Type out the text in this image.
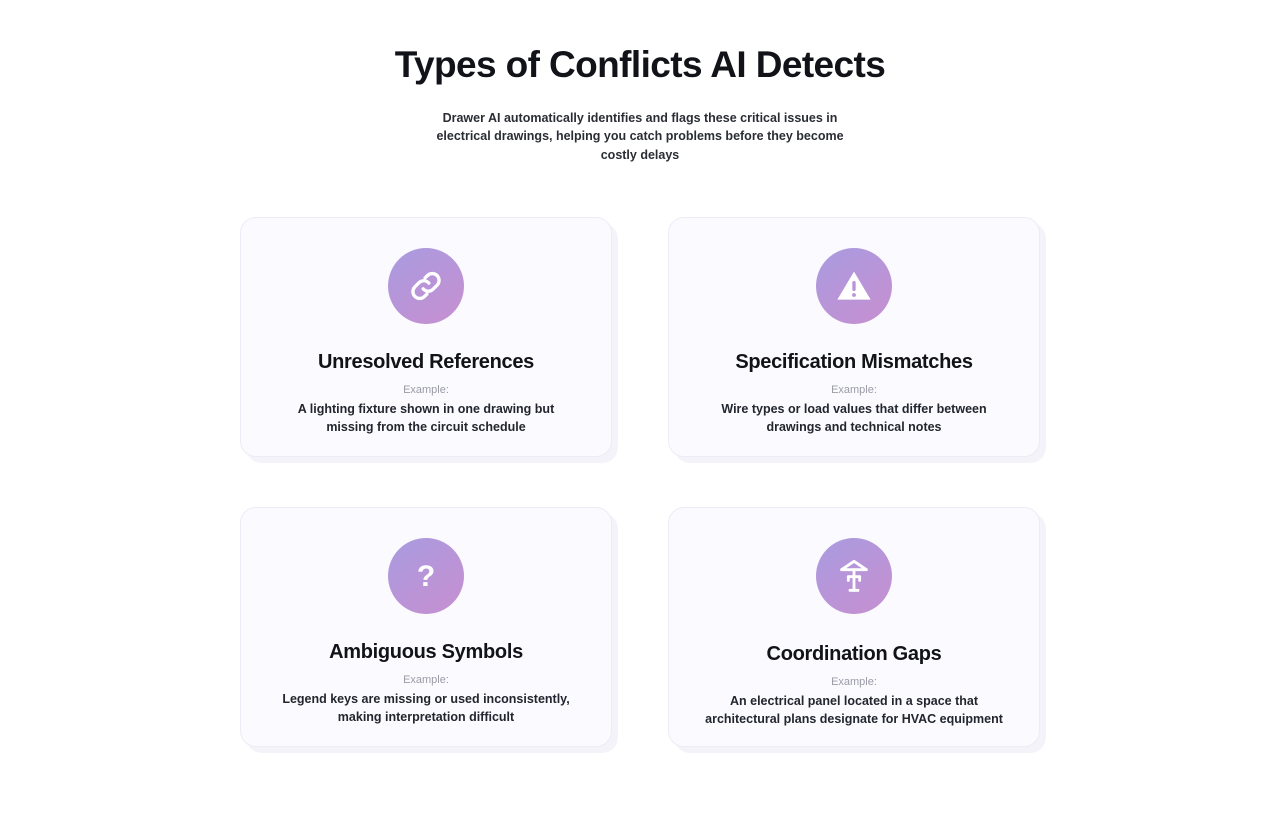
Types of Conflicts AI Detects

Drawer AI automatically identifies and flags these critical issues in electrical drawings, helping you catch problems before they become costly delays

Unresolved References
Example:
A lighting fixture shown in one drawing but missing from the circuit schedule
Specification Mismatches
Example:
Wire types or load values that differ between drawings and technical notes
?
Ambiguous Symbols
Example:
Legend keys are missing or used inconsistently, making interpretation difficult
Coordination Gaps
Example:
An electrical panel located in a space that architectural plans designate for HVAC equipment
